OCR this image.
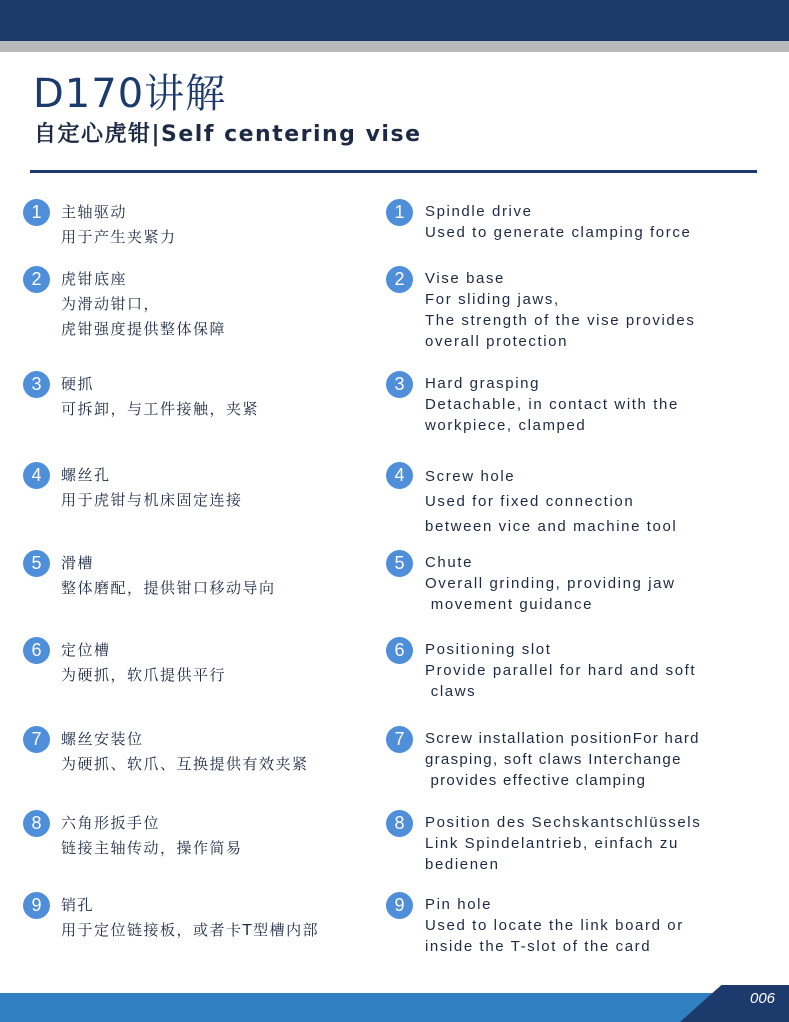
D170讲解
自定心虎钳|Self centering vise
1	主轴驱动
用于产生夹紧力
1	Spindle drive
Used to generate clamping force
2	虎钳底座
为滑动钳口，
虎钳强度提供整体保障
2	Vise base
For sliding jaws,
The strength of the vise provides
overall protection
3	硬抓
可拆卸，与工件接触，夹紧
3	Hard grasping
Detachable, in contact with the
workpiece, clamped
4	螺丝孔
用于虎钳与机床固定连接
4	Screw hole
Used for fixed connection
between vice and machine tool
5	滑槽
整体磨配，提供钳口移动导向
5	Chute
Overall grinding, providing jaw
movement guidance
6	定位槽
为硬抓，软爪提供平行
6	Positioning slot
Provide parallel for hard and soft
claws
7	螺丝安装位
为硬抓、软爪、互换提供有效夹紧
7	Screw installation positionFor hard
grasping, soft claws Interchange
provides effective clamping
8	六角形扳手位
链接主轴传动，操作简易
8	Position des Sechskantschlüssels
Link Spindelantrieb, einfach zu
bedienen
9	销孔
用于定位链接板，或者卡T型槽内部
9	Pin hole
Used to locate the link board or
inside the T-slot of the card
006
